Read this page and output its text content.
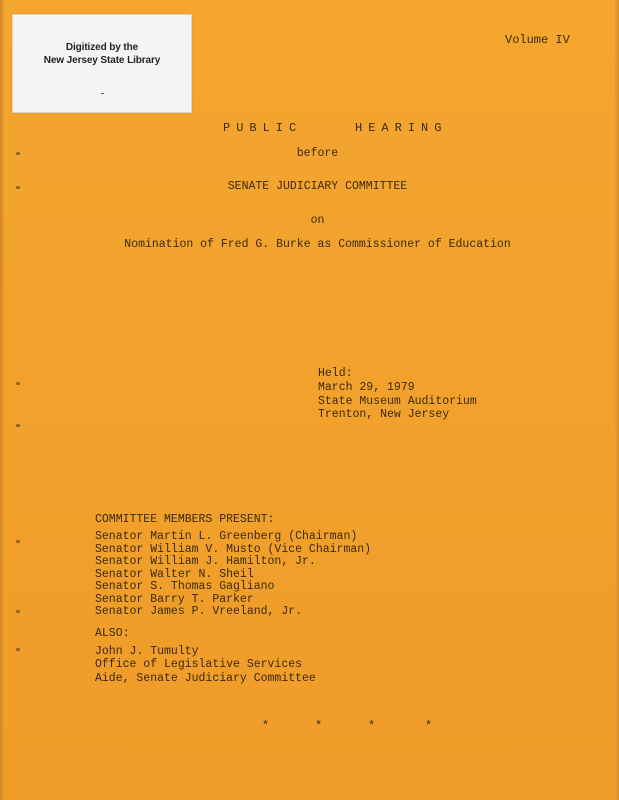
Digitized by the
New Jersey State Library
Volume IV
PUBLIC    HEARING
before
SENATE JUDICIARY COMMITTEE
on
Nomination of Fred G. Burke as Commissioner of Education
Held:
March 29, 1979
State Museum Auditorium
Trenton, New Jersey
COMMITTEE MEMBERS PRESENT:
Senator Martin L. Greenberg (Chairman)
Senator William V. Musto (Vice Chairman)
Senator William J. Hamilton, Jr.
Senator Walter N. Sheil
Senator S. Thomas Gagliano
Senator Barry T. Parker
Senator James P. Vreeland, Jr.
ALSO:
John J. Tumulty
Office of Legislative Services
Aide, Senate Judiciary Committee
*	*	*	*
